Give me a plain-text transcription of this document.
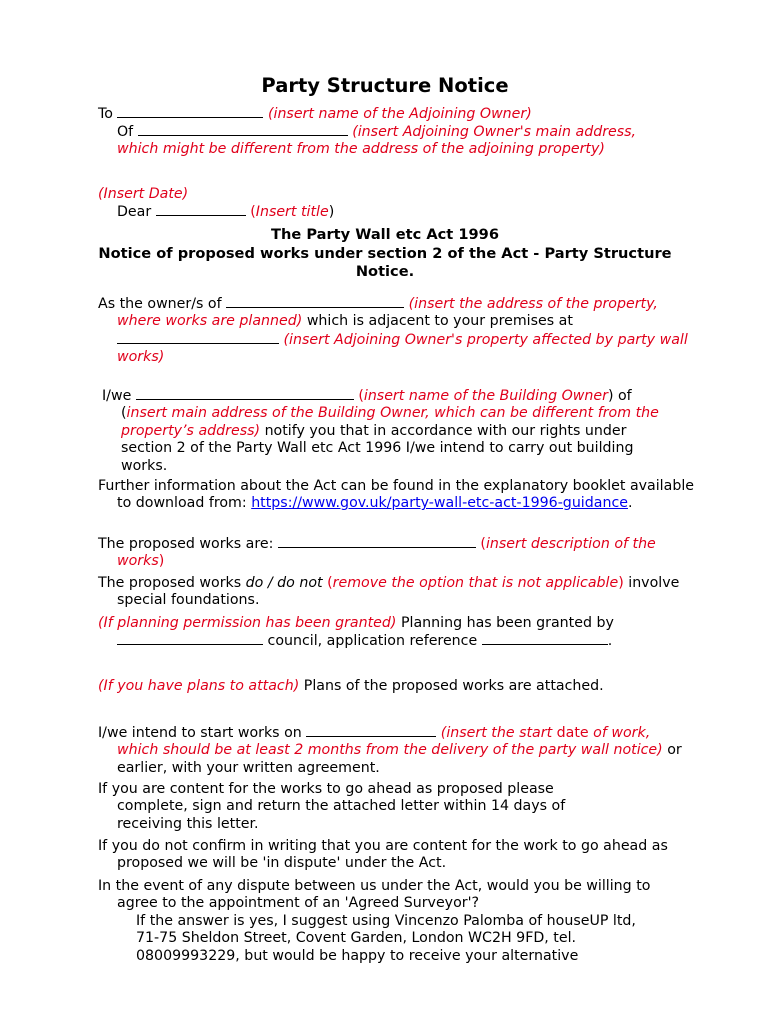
Party Structure Notice
To	(insert name of the Adjoining Owner)
Of	(insert Adjoining Owner's main address, which might be different from the address of the adjoining property)
(Insert Date)
Dear	(Insert title)
The Party Wall etc Act 1996
Notice of proposed works under section 2 of the Act - Party Structure Notice.
As the owner/s of	(insert the address of the property, where works are planned) which is adjacent to your premises at  (insert Adjoining Owner's property affected by party wall works)
I/we	(insert name of the Building Owner) of (insert main address of the Building Owner, which can be different from the property’s address) notify you that in accordance with our rights under section 2 of the Party Wall etc Act 1996 I/we intend to carry out building works.
Further information about the Act can be found in the explanatory booklet available to download from: https://www.gov.uk/party-wall-etc-act-1996-guidance.
The proposed works are:	(insert description of the works)
The proposed works do / do not (remove the option that is not applicable) involve special foundations.
(If planning permission has been granted) Planning has been granted by  council, application reference	.
(If you have plans to attach) Plans of the proposed works are attached.
I/we intend to start works on	(insert the start date of work, which should be at least 2 months from the delivery of the party wall notice) or earlier, with your written agreement.
If you are content for the works to go ahead as proposed please complete, sign and return the attached letter within 14 days of receiving this letter.
If you do not confirm in writing that you are content for the work to go ahead as proposed we will be 'in dispute' under the Act.
In the event of any dispute between us under the Act, would you be willing to agree to the appointment of an 'Agreed Surveyor'?
If the answer is yes, I suggest using Vincenzo Palomba of houseUP ltd, 71-75 Sheldon Street, Covent Garden, London WC2H 9FD, tel. 08009993229, but would be happy to receive your alternative
